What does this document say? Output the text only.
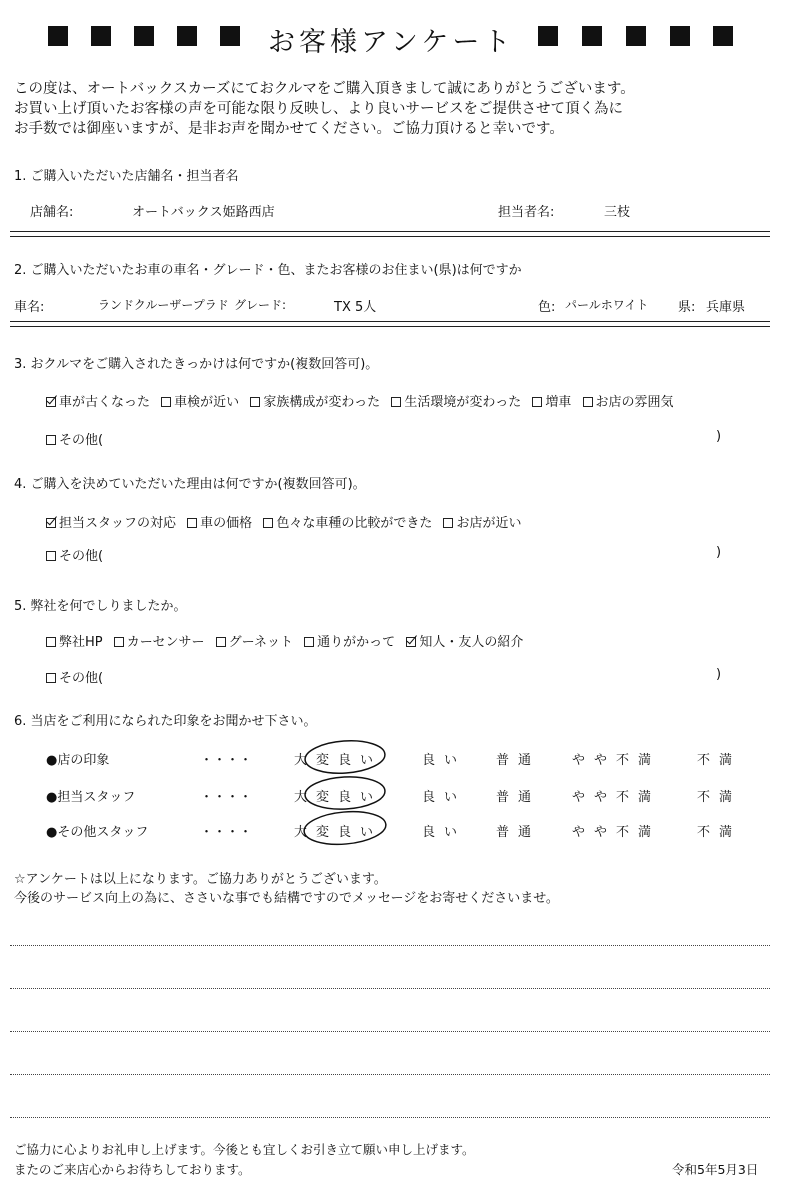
お客様アンケート
この度は、オートバックスカーズにておクルマをご購入頂きまして誠にありがとうございます。
お買い上げ頂いたお客様の声を可能な限り反映し、より良いサービスをご提供させて頂く為に
お手数では御座いますが、是非お声を聞かせてください。ご協力頂けると幸いです。
1. ご購入いただいた店舗名・担当者名
店舗名:	オートバックス姫路西店	担当者名:	三枝
2. ご購入いただいたお車の車名・グレード・色、またお客様のお住まい(県)は何ですか
車名:	ランドクルーザープラド グレード:	TX 5人	色: パールホワイト 県: 兵庫県
3. おクルマをご購入されたきっかけは何ですか(複数回答可)。
車が古くなった 車検が近い 家族構成が変わった 生活環境が変わった 増車 お店の雰囲気
その他(	)
4. ご購入を決めていただいた理由は何ですか(複数回答可)。
担当スタッフの対応 車の価格 色々な車種の比較ができた お店が近い
その他(	)
5. 弊社を何でしりましたか。
弊社HP カーセンサー グーネット 通りがかって 知人・友人の紹介
その他(	)
6. 当店をご利用になられた印象をお聞かせ下さい。
●店の印象	・・・・	大変良い	良い 普通 やや不満	不満
●担当スタッフ	・・・・	大変良い	良い 普通 やや不満	不満
●その他スタッフ	・・・・	大変良い	良い 普通 やや不満	不満
☆アンケートは以上になります。ご協力ありがとうございます。
今後のサービス向上の為に、ささいな事でも結構ですのでメッセージをお寄せくださいませ。
ご協力に心よりお礼申し上げます。今後とも宜しくお引き立て願い申し上げます。
またのご来店心からお待ちしております。	令和5年5月3日
